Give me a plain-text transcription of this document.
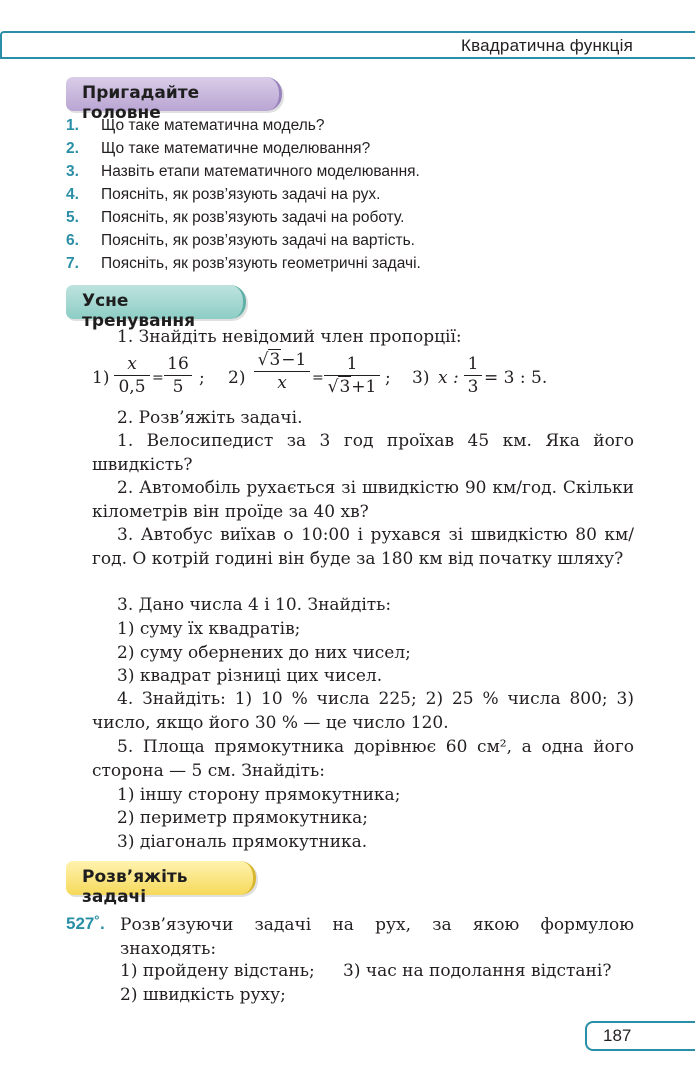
Квадратична функція
Пригадайте головне
1.	Що таке математична модель?
2.	Що таке математичне моделювання?
3.	Назвіть етапи математичного моделювання.
4.	Поясніть, як розв’язують задачі на рух.
5.	Поясніть, як розв’язують задачі на роботу.
6.	Поясніть, як розв’язують задачі на вартість.
7.	Поясніть, як розв’язують геометричні задачі.
Усне тренування
1. Знайдіть невідомий член пропорції:
$1) \frac{x}{0,5} = \frac{16}{5}$ ; $2) \frac{√3-1}{x} = \frac{1}{√3+1}$ ; 3) x : $\frac{1}{3} = 3$ : 5.
2. Розв’яжіть задачі.
1. Велосипедист за 3 год проїхав 45 км. Яка його швидкість?
2. Автомобіль рухається зі швидкістю 90 км/год. Скільки кілометрів він проїде за 40 хв?
3. Автобус виїхав о 10:00 і рухався зі швидкістю 80 км/год. О котрій годині він буде за 180 км від початку шляху?
3. Дано числа 4 і 10. Знайдіть:
1) суму їх квадратів;
2) суму обернених до них чисел;
3) квадрат різниці цих чисел.
4. Знайдіть: 1) 10 % числа 225; 2) 25 % числа 800; 3) число, якщо його 30 % — це число 120.
5. Площа прямокутника дорівнює 60 см², а одна його сторона — 5 см. Знайдіть:
1) іншу сторону прямокутника;
2) периметр прямокутника;
3) діагональ прямокутника.
Розв’яжіть задачі
527˚. Розв’язуючи задачі на рух, за якою формулою знаходять:
1) пройдену відстань; 3) час на подолання відстані?
2) швидкість руху;
187
